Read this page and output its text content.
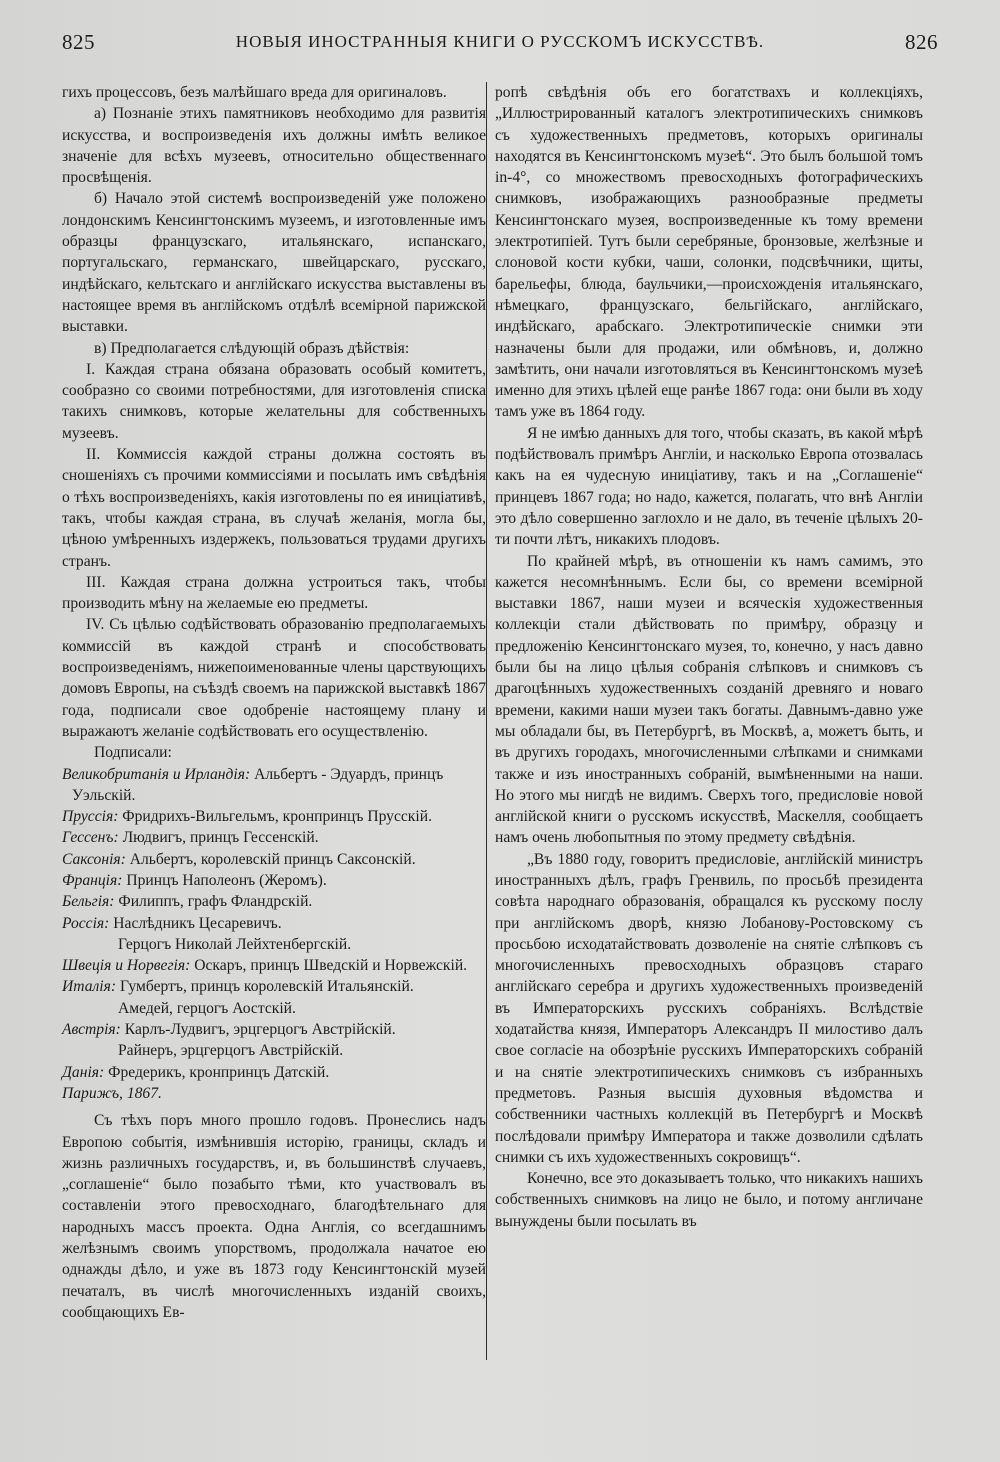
825	НОВЫЯ ИНОСТРАННЫЯ КНИГИ О РУССКОМЪ ИСКУССТВѢ.	826

гихъ процессовъ, безъ малѣйшаго вреда для оригиналовъ.

а) Познаніе этихъ памятниковъ необходимо для развитія искусства, и воспроизведенія ихъ должны имѣть великое значеніе для всѣхъ музеевъ, относительно общественнаго просвѣщенія.

б) Начало этой системѣ воспроизведеній уже положено лондонскимъ Кенсингтонскимъ музеемъ, и изготовленные имъ образцы французскаго, итальянскаго, испанскаго, португальскаго, германскаго, швейцарскаго, русскаго, индѣйскаго, кельтскаго и англійскаго искусства выставлены въ настоящее время въ англійскомъ отдѣлѣ всемірной парижской выставки.

в) Предполагается слѣдующій образъ дѣйствія:

I. Каждая страна обязана образовать особый комитетъ, сообразно со своими потребностями, для изготовленія списка такихъ снимковъ, которые желательны для собственныхъ музеевъ.

II. Коммиссія каждой страны должна состоять въ сношеніяхъ съ прочими коммиссіями и посылать имъ свѣдѣнія о тѣхъ воспроизведеніяхъ, какія изготовлены по ея иниціативѣ, такъ, чтобы каждая страна, въ случаѣ желанія, могла бы, цѣною умѣренныхъ издержекъ, пользоваться трудами другихъ странъ.

III. Каждая страна должна устроиться такъ, чтобы производить мѣну на желаемые ею предметы.

IV. Съ цѣлью содѣйствовать образованію предполагаемыхъ коммиссій въ каждой странѣ и способствовать воспроизведеніямъ, нижепоименованные члены царствующихъ домовъ Европы, на съѣздѣ своемъ на парижской выставкѣ 1867 года, подписали свое одобреніе настоящему плану и выражаютъ желаніе содѣйствовать его осуществленію.

Подписали:

Великобританія и Ирландія: Альбертъ - Эдуардъ, принцъ Уэльскій.
Пруссія: Фридрихъ-Вильгельмъ, кронпринцъ Прусскій.
Гессенъ: Людвигъ, принцъ Гессенскій.
Саксонія: Альбертъ, королевскій принцъ Саксонскій.
Франція: Принцъ Наполеонъ (Жеромъ).
Бельгія: Филиппъ, графъ Фландрскій.
Россія: Наслѣдникъ Цесаревичъ.
Герцогъ Николай Лейхтенбергскій.
Швеція и Норвегія: Оскаръ, принцъ Шведскій и Норвежскій.
Италія: Гумбертъ, принцъ королевскій Итальянскій.
Амедей, герцогъ Аостскій.
Австрія: Карлъ-Лудвигъ, эрцгерцогъ Австрійскій.
Райнеръ, эрцгерцогъ Австрійскій.
Данія: Фредерикъ, кронпринцъ Датскій.

Парижъ, 1867.

Съ тѣхъ поръ много прошло годовъ. Пронеслись надъ Европою событія, измѣнившія исторію, границы, складъ и жизнь различныхъ государствъ, и, въ большинствѣ случаевъ, „соглашеніе“ было позабыто тѣми, кто участвовалъ въ составленіи этого превосходнаго, благодѣтельнаго для народныхъ массъ проекта. Одна Англія, со всегдашнимъ желѣзнымъ своимъ упорствомъ, продолжала начатое ею однажды дѣло, и уже въ 1873 году Кенсингтонскій музей печаталъ, въ числѣ многочисленныхъ изданій своихъ, сообщающихъ Ев-

ропѣ свѣдѣнія объ его богатствахъ и коллекціяхъ, „Иллюстрированный каталогъ электротипическихъ снимковъ съ художественныхъ предметовъ, которыхъ оригиналы находятся въ Кенсингтонскомъ музеѣ“. Это былъ большой томъ in-4°, со множествомъ превосходныхъ фотографическихъ снимковъ, изображающихъ разнообразные предметы Кенсингтонскаго музея, воспроизведенные къ тому времени электротипіей. Тутъ были серебряные, бронзовые, желѣзные и слоновой кости кубки, чаши, солонки, подсвѣчники, щиты, барельефы, блюда, баульчики,—происхожденія итальянскаго, нѣмецкаго, французскаго, бельгійскаго, англійскаго, индѣйскаго, арабскаго. Электротипическіе снимки эти назначены были для продажи, или обмѣновъ, и, должно замѣтить, они начали изготовляться въ Кенсингтонскомъ музеѣ именно для этихъ цѣлей еще ранѣе 1867 года: они были въ ходу тамъ уже въ 1864 году.

Я не имѣю данныхъ для того, чтобы сказать, въ какой мѣрѣ подѣйствовалъ примѣръ Англіи, и насколько Европа отозвалась какъ на ея чудесную иниціативу, такъ и на „Соглашеніе“ принцевъ 1867 года; но надо, кажется, полагать, что внѣ Англіи это дѣло совершенно заглохло и не дало, въ теченіе цѣлыхъ 20-ти почти лѣтъ, никакихъ плодовъ.

По крайней мѣрѣ, въ отношеніи къ намъ самимъ, это кажется несомнѣннымъ. Если бы, со времени всемірной выставки 1867, наши музеи и всяческія художественныя коллекціи стали дѣйствовать по примѣру, образцу и предложенію Кенсингтонскаго музея, то, конечно, у насъ давно были бы на лицо цѣлыя собранія слѣпковъ и снимковъ съ драгоцѣнныхъ художественныхъ созданій древняго и новаго времени, какими наши музеи такъ богаты. Давнымъ-давно уже мы обладали бы, въ Петербургѣ, въ Москвѣ, а, можетъ быть, и въ другихъ городахъ, многочисленными слѣпками и снимками также и изъ иностранныхъ собраній, вымѣненными на наши. Но этого мы нигдѣ не видимъ. Сверхъ того, предисловіе новой англійской книги о русскомъ искусствѣ, Маскелля, сообщаетъ намъ очень любопытныя по этому предмету свѣдѣнія.

„Въ 1880 году, говоритъ предисловіе, англійскій министръ иностранныхъ дѣлъ, графъ Гренвиль, по просьбѣ президента совѣта народнаго образованія, обращался къ русскому послу при англійскомъ дворѣ, князю Лобанову-Ростовскому съ просьбою исходатайствовать дозволеніе на снятіе слѣпковъ съ многочисленныхъ превосходныхъ образцовъ стараго англійскаго серебра и другихъ художественныхъ произведеній въ Императорскихъ русскихъ собраніяхъ. Вслѣдствіе ходатайства князя, Императоръ Александръ II милостиво далъ свое согласіе на обозрѣніе русскихъ Императорскихъ собраній и на снятіе электротипическихъ снимковъ съ избранныхъ предметовъ. Разныя высшія духовныя вѣдомства и собственники частныхъ коллекцій въ Петербургѣ и Москвѣ послѣдовали примѣру Императора и также дозволили сдѣлать снимки съ ихъ художественныхъ сокровищъ“.

Конечно, все это доказываетъ только, что никакихъ нашихъ собственныхъ снимковъ на лицо не было, и потому англичане вынуждены были посылать въ
